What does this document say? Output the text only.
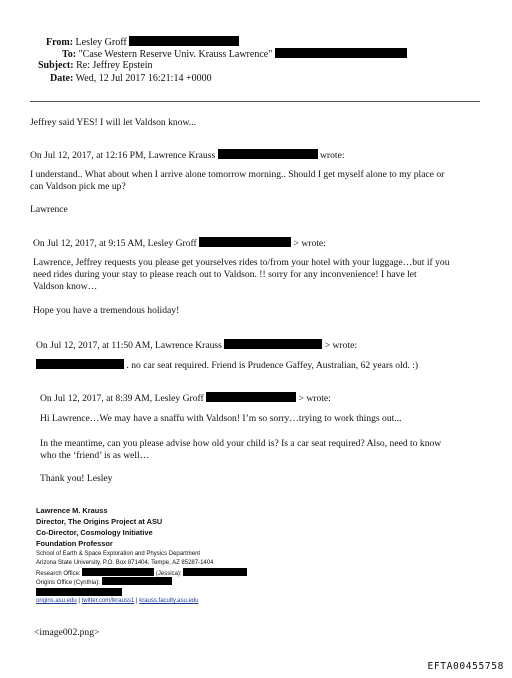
From: Lesley Groff
To: "Case Western Reserve Univ. Krauss Lawrence"
Subject: Re: Jeffrey Epstein
Date: Wed, 12 Jul 2017 16:21:14 +0000
Jeffrey said YES! I will let Valdson know...
On Jul 12, 2017, at 12:16 PM, Lawrence Krauss	wrote:
I understand.. What about when I arrive alone tomorrow morning.. Should I get myself alone to my place or
can Valdson pick me up?
Lawrence
On Jul 12, 2017, at 9:15 AM, Lesley Groff	> wrote:
Lawrence, Jeffrey requests you please get yourselves rides to/from your hotel with your luggage…but if you
need rides during your stay to please reach out to Valdson. !! sorry for any inconvenience! I have let
Valdson know…
Hope you have a tremendous holiday!
On Jul 12, 2017, at 11:50 AM, Lawrence Krauss	> wrote:
. no car seat required. Friend is Prudence Gaffey, Australian, 62 years old. :)
On Jul 12, 2017, at 8:39 AM, Lesley Groff	> wrote:
Hi Lawrence…We may have a snaffu with Valdson! I’m so sorry…trying to work things out...
In the meantime, can you please advise how old your child is? Is a car seat required? Also, need to know
who the ‘friend’ is as well…
Thank you! Lesley
Lawrence M. Krauss
Director, The Origins Project at ASU
Co-Director, Cosmology Initiative
Foundation Professor
School of Earth & Space Exploration and Physics Department
Arizona State University, P.O. Box 871404, Tempe, AZ 85287-1404
Research Office:	(Jessica):
Origins Office (Cynthia):
origins.asu.edu | twitter.com/lkrauss1 | krauss.faculty.asu.edu
<image002.png>
EFTA00455758
